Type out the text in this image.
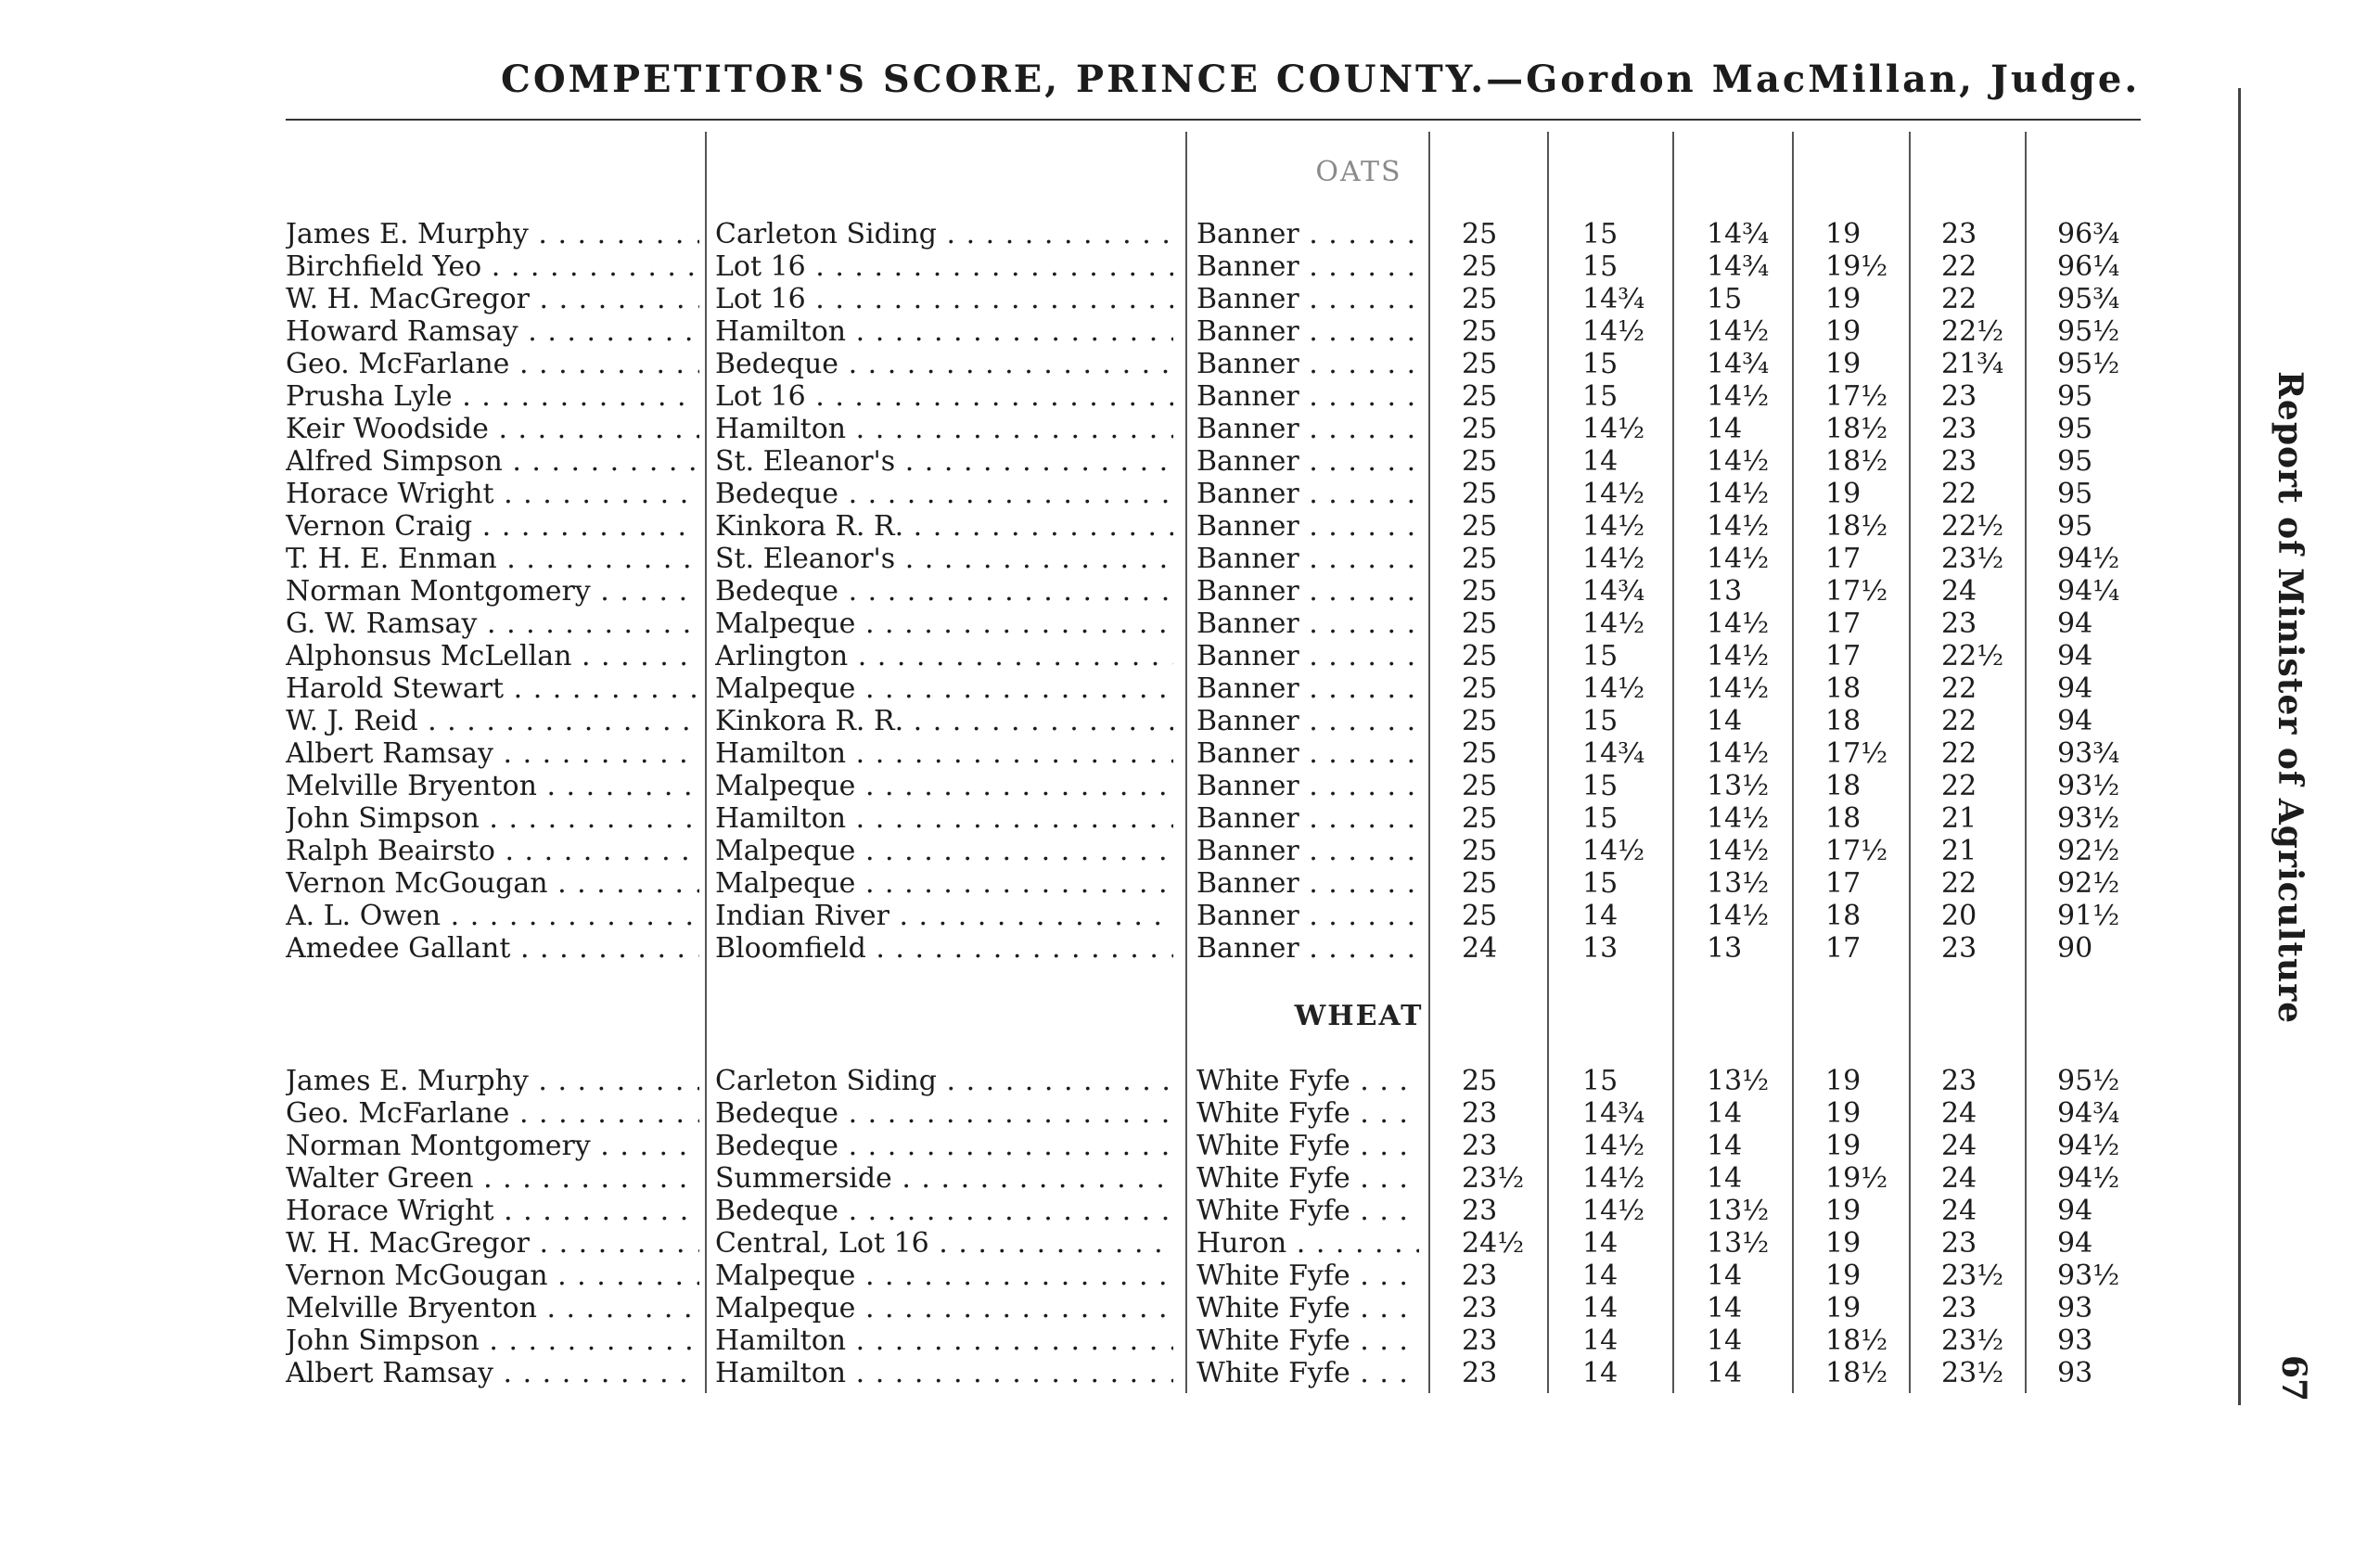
COMPETITOR'S SCORE, PRINCE COUNTY.—Gordon MacMillan, Judge.
OATS
James E. Murphy . . .	Carleton Siding . . .	Banner . . .	25	15	14¾ 19	23	96¾
Birchfield Yeo . . .	Lot 16 . . .	Banner . . .	25	15	14¾ 19½ 22	96¼
W. H. MacGregor . . .	Lot 16 . . .	Banner . . .	25	14¾ 15	19	22	95¾
Howard Ramsay . . .	Hamilton . . .	Banner . . .	25	14½ 14½ 19	22½ 95½
Geo. McFarlane . . .	Bedeque . . .	Banner . . .	25	15	14¾ 19	21¾ 95½
Prusha Lyle . . .	Lot 16 . . .	Banner . . .	25	15	14½ 17½ 23	95
Keir Woodside . . .	Hamilton . . .	Banner . . .	25	14½ 14	18½ 23	95
Alfred Simpson . . .	St. Eleanor's . . .	Banner . . .	25	14	14½ 18½ 23	95
Horace Wright . . .	Bedeque . . .	Banner . . .	25	14½ 14½ 19	22	95
Vernon Craig . . .	Kinkora R. R. . . .	Banner . . .	25	14½ 14½ 18½ 22½ 95
T. H. E. Enman . . .	St. Eleanor's . . .	Banner . . .	25	14½ 14½ 17	23½ 94½
Norman Montgomery . . .	Bedeque . . .	Banner . . .	25	14¾ 13	17½ 24	94¼
G. W. Ramsay . . .	Malpeque . . .	Banner . . .	25	14½ 14½ 17	23	94
Alphonsus McLellan . . .	Arlington . . .	Banner . . .	25	15	14½ 17	22½ 94
Harold Stewart . . .	Malpeque . . .	Banner . . .	25	14½ 14½ 18	22	94
W. J. Reid . . .	Kinkora R. R. . . .	Banner . . .	25	15	14	18	22	94
Albert Ramsay . . .	Hamilton . . .	Banner . . .	25	14¾ 14½ 17½ 22	93¾
Melville Bryenton . . .	Malpeque . . .	Banner . . .	25	15	13½ 18	22	93½
John Simpson . . .	Hamilton . . .	Banner . . .	25	15	14½ 18	21	93½
Ralph Beairsto . . .	Malpeque . . .	Banner . . .	25	14½ 14½ 17½ 21	92½
Vernon McGougan . . .	Malpeque . . .	Banner . . .	25	15	13½ 17	22	92½
A. L. Owen . . .	Indian River . . .	Banner . . .	25	14	14½ 18	20	91½
Amedee Gallant . . .	Bloomfield . . .	Banner . . .	24	13	13	17	23	90
WHEAT
James E. Murphy . . .	Carleton Siding . . .	White Fyfe . . .	25	15	13½ 19	23	95½
Geo. McFarlane . . .	Bedeque . . .	White Fyfe . . .	23	14¾ 14	19	24	94¾
Norman Montgomery . . .	Bedeque . . .	White Fyfe . . .	23	14½ 14	19	24	94½
Walter Green . . .	Summerside . . .	White Fyfe . . .	23½ 14½ 14	19½ 24	94½
Horace Wright . . .	Bedeque . . .	White Fyfe . . .	23	14½ 13½ 19	24	94
W. H. MacGregor . . .	Central, Lot 16 . . .	Huron . . .	24½ 14	13½ 19	23	94
Vernon McGougan . . .	Malpeque . . .	White Fyfe . . .	23	14	14	19	23½ 93½
Melville Bryenton . . .	Malpeque . . .	White Fyfe . . .	23	14	14	19	23	93
John Simpson . . .	Hamilton . . .	White Fyfe . . .	23	14	14	18½ 23½ 93
Albert Ramsay . . .	Hamilton . . .	White Fyfe . . .	23	14	14	18½ 23½ 93
Report of Minister of Agriculture
67
